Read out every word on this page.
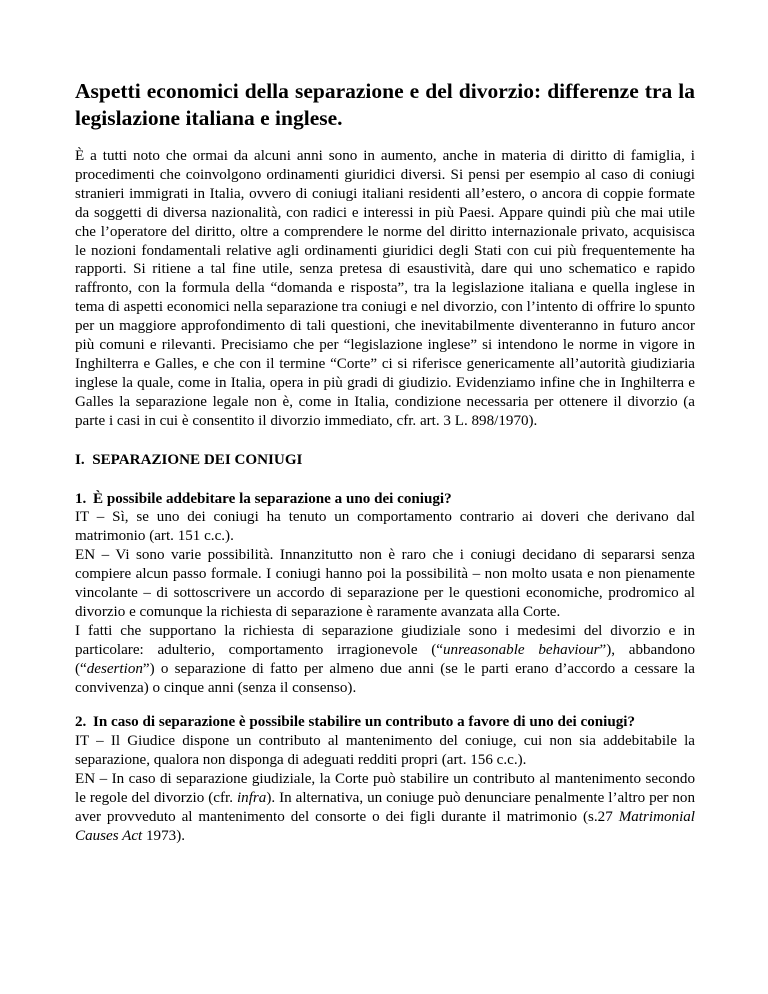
Aspetti economici della separazione e del divorzio: differenze tra la legislazione italiana e inglese.

È a tutti noto che ormai da alcuni anni sono in aumento, anche in materia di diritto di famiglia, i procedimenti che coinvolgono ordinamenti giuridici diversi. Si pensi per esempio al caso di coniugi stranieri immigrati in Italia, ovvero di coniugi italiani residenti all’estero, o ancora di coppie formate da soggetti di diversa nazionalità, con radici e interessi in più Paesi. Appare quindi più che mai utile che l’operatore del diritto, oltre a comprendere le norme del diritto internazionale privato, acquisisca le nozioni fondamentali relative agli ordinamenti giuridici degli Stati con cui più frequentemente ha rapporti. Si ritiene a tal fine utile, senza pretesa di esaustività, dare qui uno schematico e rapido raffronto, con la formula della “domanda e risposta”, tra la legislazione italiana e quella inglese in tema di aspetti economici nella separazione tra coniugi e nel divorzio, con l’intento di offrire lo spunto per un maggiore approfondimento di tali questioni, che inevitabilmente diventeranno in futuro ancor più comuni e rilevanti. Precisiamo che per “legislazione inglese” si intendono le norme in vigore in Inghilterra e Galles, e che con il termine “Corte” ci si riferisce genericamente all’autorità giudiziaria inglese la quale, come in Italia, opera in più gradi di giudizio. Evidenziamo infine che in Inghilterra e Galles la separazione legale non è, come in Italia, condizione necessaria per ottenere il divorzio (a parte i casi in cui è consentito il divorzio immediato, cfr. art. 3 L. 898/1970).

I. SEPARAZIONE DEI CONIUGI
1. È possibile addebitare la separazione a uno dei coniugi?

IT – Sì, se uno dei coniugi ha tenuto un comportamento contrario ai doveri che derivano dal matrimonio (art. 151 c.c.).

EN – Vi sono varie possibilità. Innanzitutto non è raro che i coniugi decidano di separarsi senza compiere alcun passo formale. I coniugi hanno poi la possibilità – non molto usata e non pienamente vincolante – di sottoscrivere un accordo di separazione per le questioni economiche, prodromico al divorzio e comunque la richiesta di separazione è raramente avanzata alla Corte.

I fatti che supportano la richiesta di separazione giudiziale sono i medesimi del divorzio e in particolare: adulterio, comportamento irragionevole (“unreasonable behaviour”), abbandono (“desertion”) o separazione di fatto per almeno due anni (se le parti erano d’accordo a cessare la convivenza) o cinque anni (senza il consenso).

2. In caso di separazione è possibile stabilire un contributo a favore di uno dei coniugi?

IT – Il Giudice dispone un contributo al mantenimento del coniuge, cui non sia addebitabile la separazione, qualora non disponga di adeguati redditi propri (art. 156 c.c.).

EN – In caso di separazione giudiziale, la Corte può stabilire un contributo al mantenimento secondo le regole del divorzio (cfr. infra). In alternativa, un coniuge può denunciare penalmente l’altro per non aver provveduto al mantenimento del consorte o dei figli durante il matrimonio (s.27 Matrimonial Causes Act 1973).
